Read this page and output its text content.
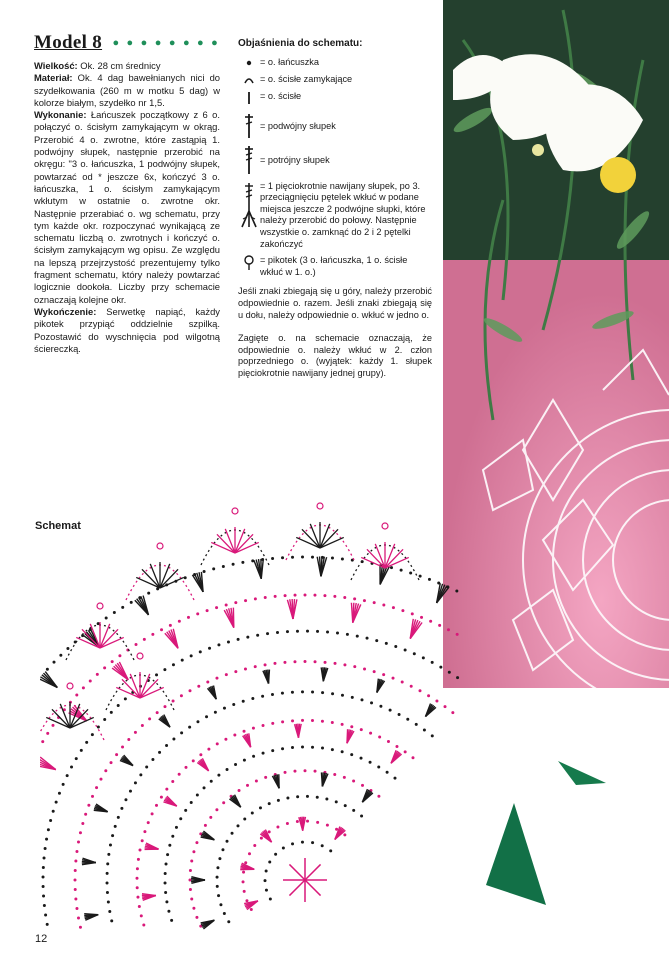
Model 8 ● ● ● ● ● ● ● ●

Wielkość: Ok. 28 cm średnicy

Materiał: Ok. 4 dag bawełnianych nici do szydełkowania (260 m w motku 5 dag) w kolorze białym, szydełko nr 1,5.

Wykonanie: Łańcuszek początkowy z 6 o. połączyć o. ścisłym zamykającym w okrąg. Przerobić 4 o. zwrotne, które zastąpią 1. podwójny słupek, następnie przerobić na okręgu: "3 o. łańcuszka, 1 podwójny słupek, powtarzać od * jeszcze 6x, kończyć 3 o. łańcuszka, 1 o. ścisłym zamykającym wkłutym w ostatnie o. zwrotne okr. Następnie przerabiać o. wg schematu, przy tym każde okr. rozpoczynać wynikającą ze schematu liczbą o. zwrotnych i kończyć o. ścisłym zamykającym wg opisu. Ze względu na lepszą przejrzystość prezentujemy tylko fragment schematu, który należy powtarzać logicznie dookoła. Liczby przy schemacie oznaczają kolejne okr.

Wykończenie: Serwetkę napiąć, każdy pikotek przypiąć oddzielnie szpilką. Pozostawić do wyschnięcia pod wilgotną ściereczką.

Objaśnienia do schematu:
= o. łańcuszka
= o. ścisłe zamykające
= o. ścisłe
= podwójny słupek
= potrójny słupek
= 1 pięciokrotnie nawijany słupek, po 3. przeciągnięciu pętelek wkłuć w podane miejsca jeszcze 2 podwójne słupki, które należy przerobić do połowy. Następnie wszystkie o. zamknąć do 2 i 2 pętelki zakończyć
= pikotek (3 o. łańcuszka, 1 o. ścisłe wkłuć w 1. o.)
Jeśli znaki zbiegają się u góry, należy przerobić odpowiednie o. razem. Jeśli znaki zbiegają się u dołu, należy odpowiednie o. wkłuć w jedno o.
Zagięte o. na schemacie oznaczają, że odpowiednie o. należy wkłuć w 2. człon poprzedniego o. (wyjątek: każdy 1. słupek pięciokrotnie nawijany jednej grupy).
Schemat
12
